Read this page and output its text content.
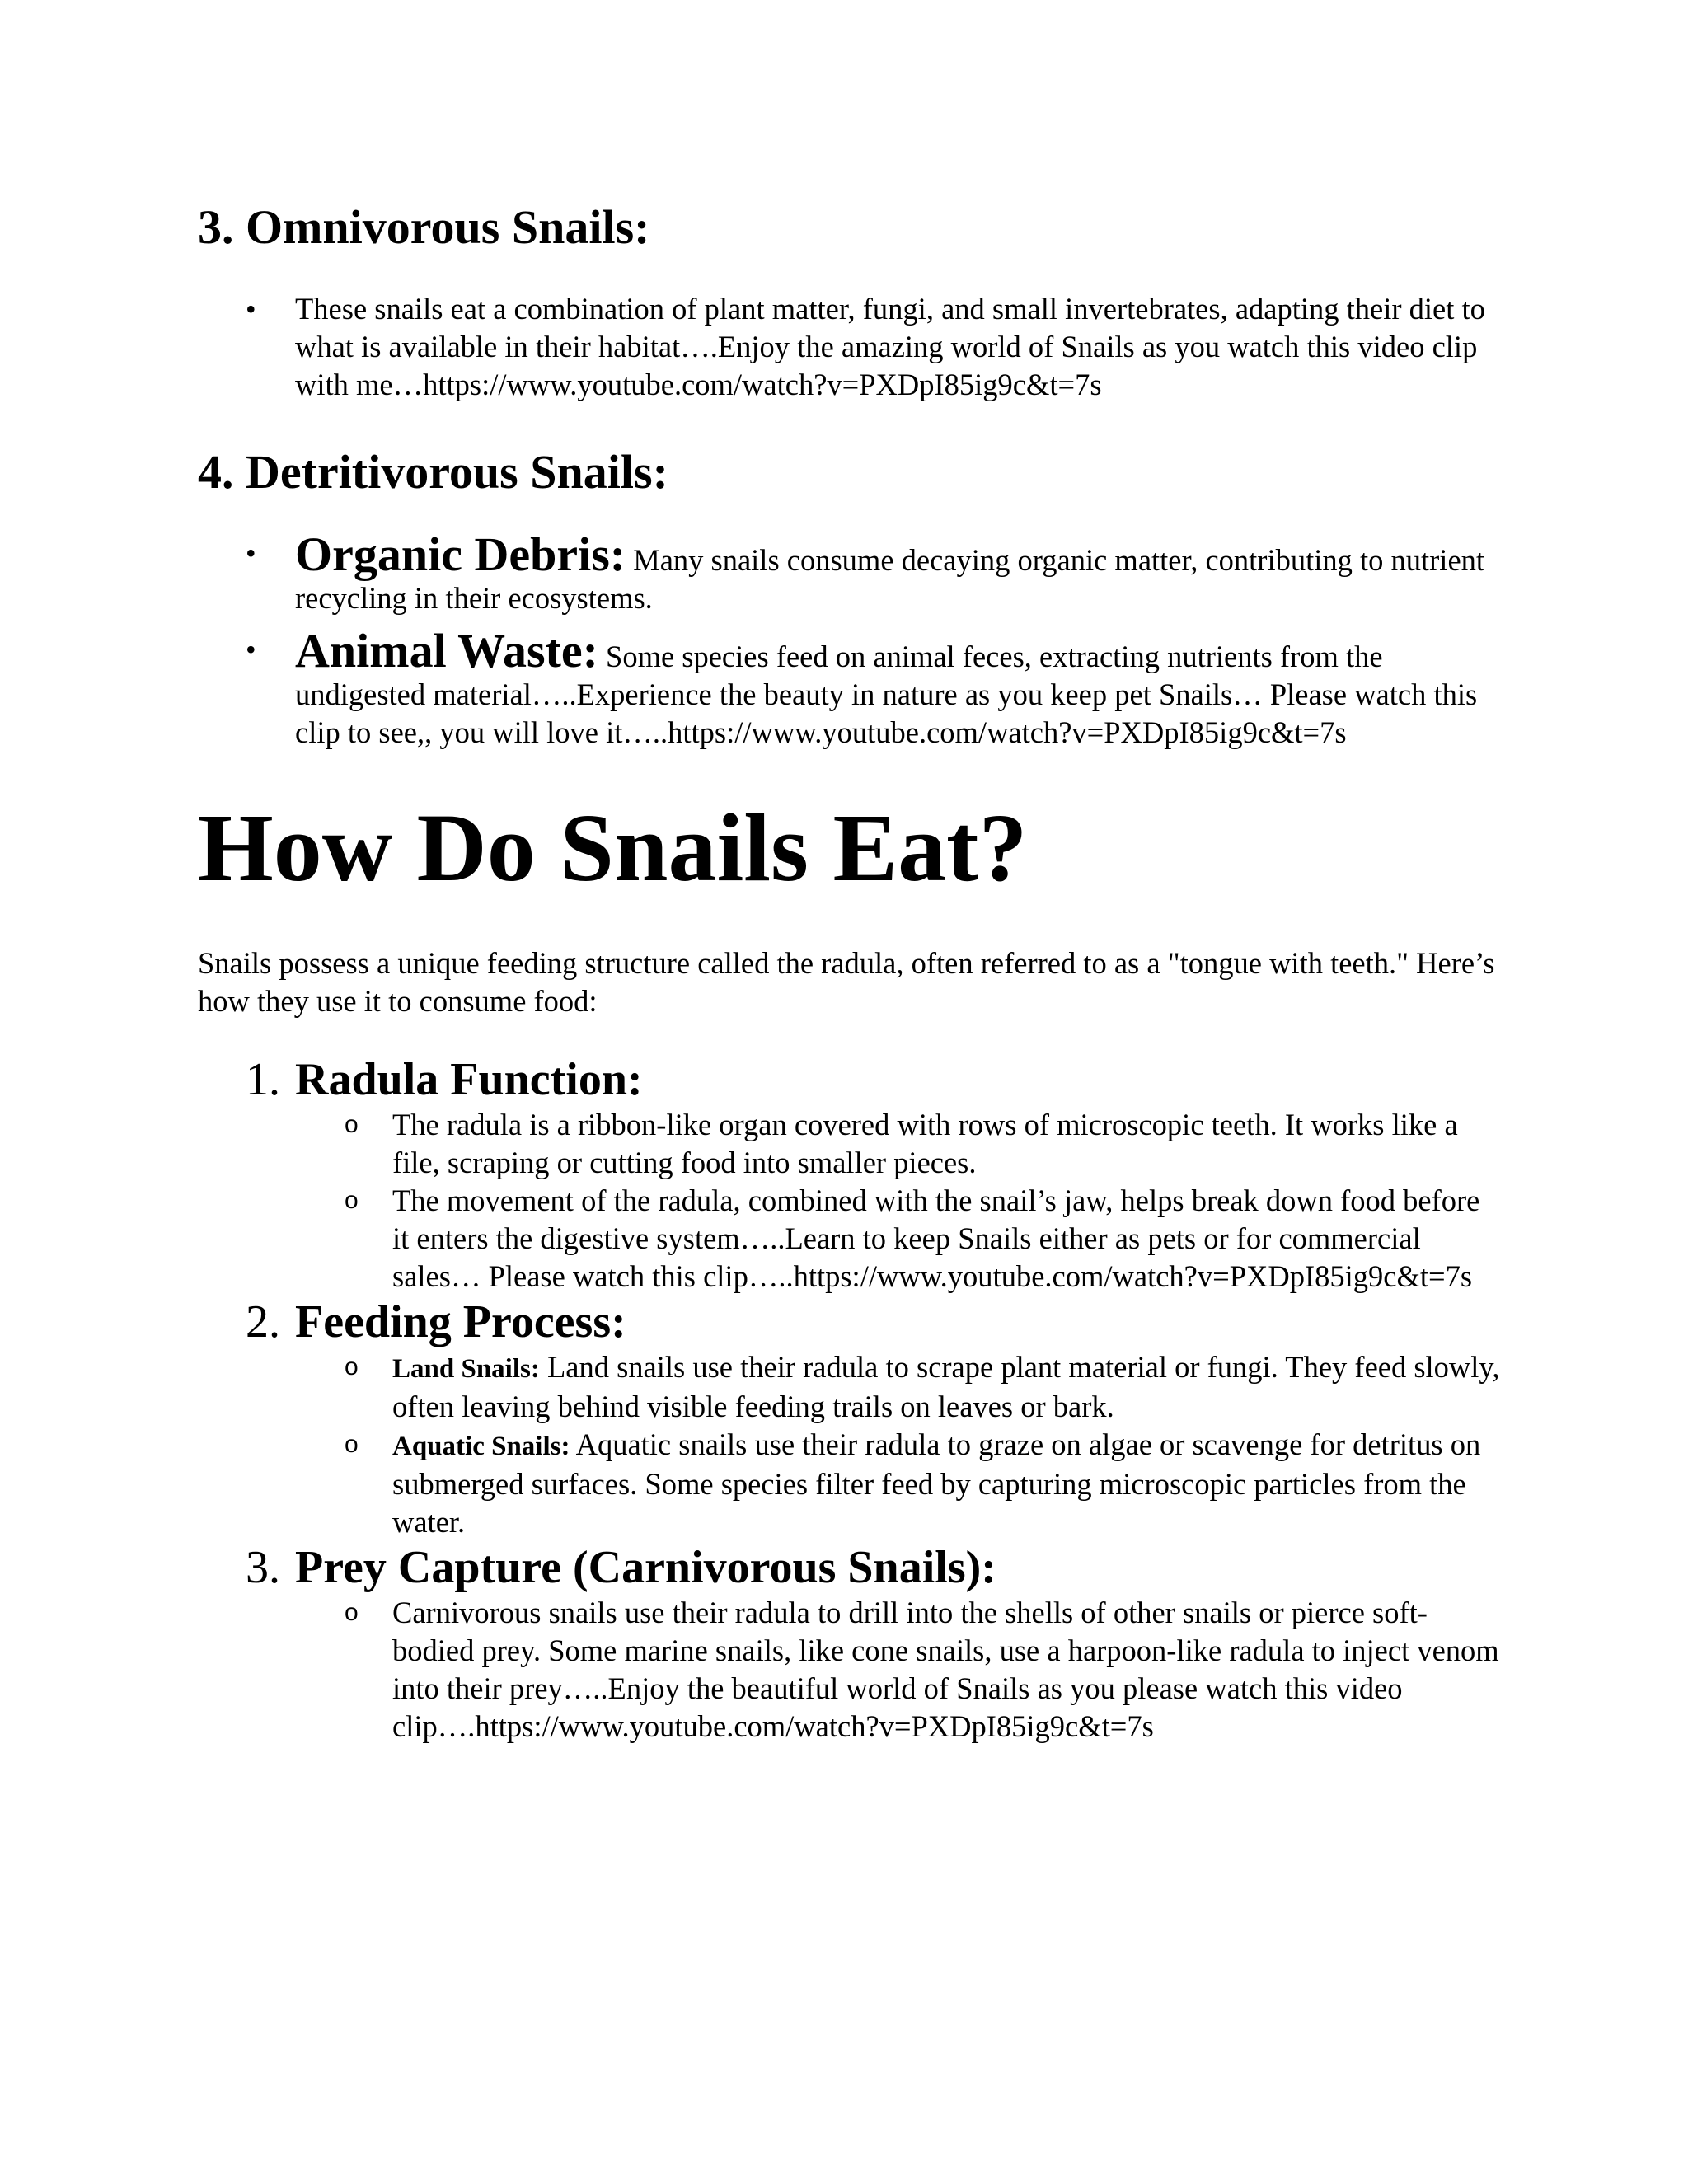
3. Omnivorous Snails:
• These snails eat a combination of plant matter, fungi, and small invertebrates, adapting their diet to what is available in their habitat….Enjoy the amazing world of Snails as you watch this video clip with me…https://www.youtube.com/watch?v=PXDpI85ig9c&t=7s
4. Detritivorous Snails:
• Organic Debris: Many snails consume decaying organic matter, contributing to nutrient recycling in their ecosystems.
• Animal Waste: Some species feed on animal feces, extracting nutrients from the undigested material…..Experience the beauty in nature as you keep pet Snails… Please watch this clip to see,, you will love it…..https://www.youtube.com/watch?v=PXDpI85ig9c&t=7s
How Do Snails Eat?

Snails possess a unique feeding structure called the radula, often referred to as a "tongue with teeth." Here’s how they use it to consume food:

1. Radula Function:
o The radula is a ribbon-like organ covered with rows of microscopic teeth. It works like a file, scraping or cutting food into smaller pieces.
o The movement of the radula, combined with the snail’s jaw, helps break down food before it enters the digestive system…..Learn to keep Snails either as pets or for commercial sales… Please watch this clip…..https://www.youtube.com/watch?v=PXDpI85ig9c&t=7s
2. Feeding Process:
o Land Snails: Land snails use their radula to scrape plant material or fungi. They feed slowly, often leaving behind visible feeding trails on leaves or bark.
o Aquatic Snails: Aquatic snails use their radula to graze on algae or scavenge for detritus on submerged surfaces. Some species filter feed by capturing microscopic particles from the water.
3. Prey Capture (Carnivorous Snails):
o Carnivorous snails use their radula to drill into the shells of other snails or pierce soft-bodied prey. Some marine snails, like cone snails, use a harpoon-like radula to inject venom into their prey…..Enjoy the beautiful world of Snails as you please watch this video clip….https://www.youtube.com/watch?v=PXDpI85ig9c&t=7s
